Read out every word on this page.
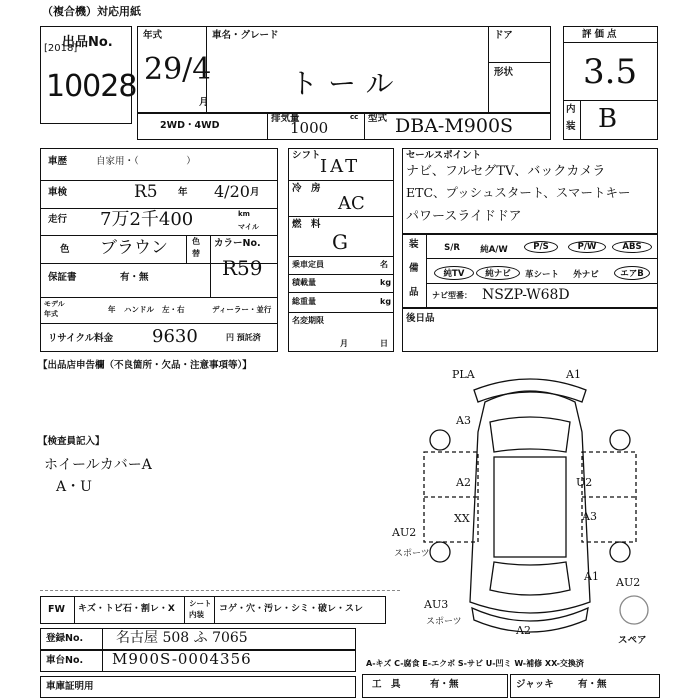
（複合機）対応用紙
出品No.
[2018]
10028
年式
29/4
月
車名・グレード
トール
ドア
形状
2WD・4WD
排気量
1000
cc 型式 DBA-M900S
評価点
3.5
内
装 B
車歴	自家用・（　　　　　）
車検	R5 年 4/20 月
走行 7万2千400	km
マイル
色 ブラウン	色
替
カラーNo.
R59
保証書	有・無
モデル
年式	年 ハンドル 左・右	ディーラー・並行
リサイクル料金 9630	円 預託済
シフト
IAT
冷　房
AC
燃　料
G
乗車定員	名
積載量	kg
総重量	kg
名変期限
月	日
セールスポイント
ナビ、フルセグTV、バックカメラ
ETC、プッシュスタート、スマートキー
パワースライドドア
装
備
品
S/R	純A/W	P/S	P/W	ABS
純TV	純ナビ	革シート	外ナビ	エアB
ナビ型番： NSZP-W68D
後日品
【出品店申告欄（不良箇所・欠品・注意事項等）】
【検査員記入】
ホイールカバーA
A・U
PLA	A1
A3
A2	U2
XX	A3
AU2
スポーツ
A1 AU2
AU3
スポーツ
A2
スペア
FW キズ・トビ石・割レ・X
シート
内装
コゲ・穴・汚レ・シミ・破レ・スレ
登録No. 名古屋 508 ふ 7065
車台No. M900S-0004356	A-キズ C-腐食 E-エクボ S-サビ U-凹ミ W-補修 XX-交換済
車庫証明用	工　具	有・無	ジャッキ	有・無
